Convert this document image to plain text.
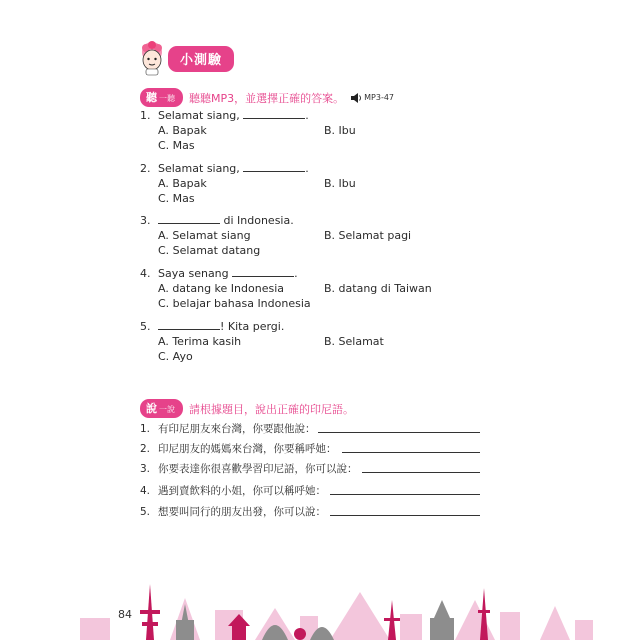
小測驗
聽 一聽	聽聽MP3，並選擇正確的答案。	MP3-47
1. Selamat siang,	.
A. Bapak	B. Ibu
C. Mas
2. Selamat siang,	.
A. Bapak	B. Ibu
C. Mas
3.	di Indonesia.
A. Selamat siang	B. Selamat pagi
C. Selamat datang
4. Saya senang	.
A. datang ke Indonesia	B. datang di Taiwan
C. belajar bahasa Indonesia
5.	! Kita pergi.
A. Terima kasih	B. Selamat
C. Ayo
說 一說	請根據題目，說出正確的印尼語。
1. 有印尼朋友來台灣，你要跟他說：
2. 印尼朋友的媽媽來台灣，你要稱呼她：
3. 你要表達你很喜歡學習印尼語，你可以說：
4. 遇到賣飲料的小姐，你可以稱呼她：
5. 想要叫同行的朋友出發，你可以說：
84
